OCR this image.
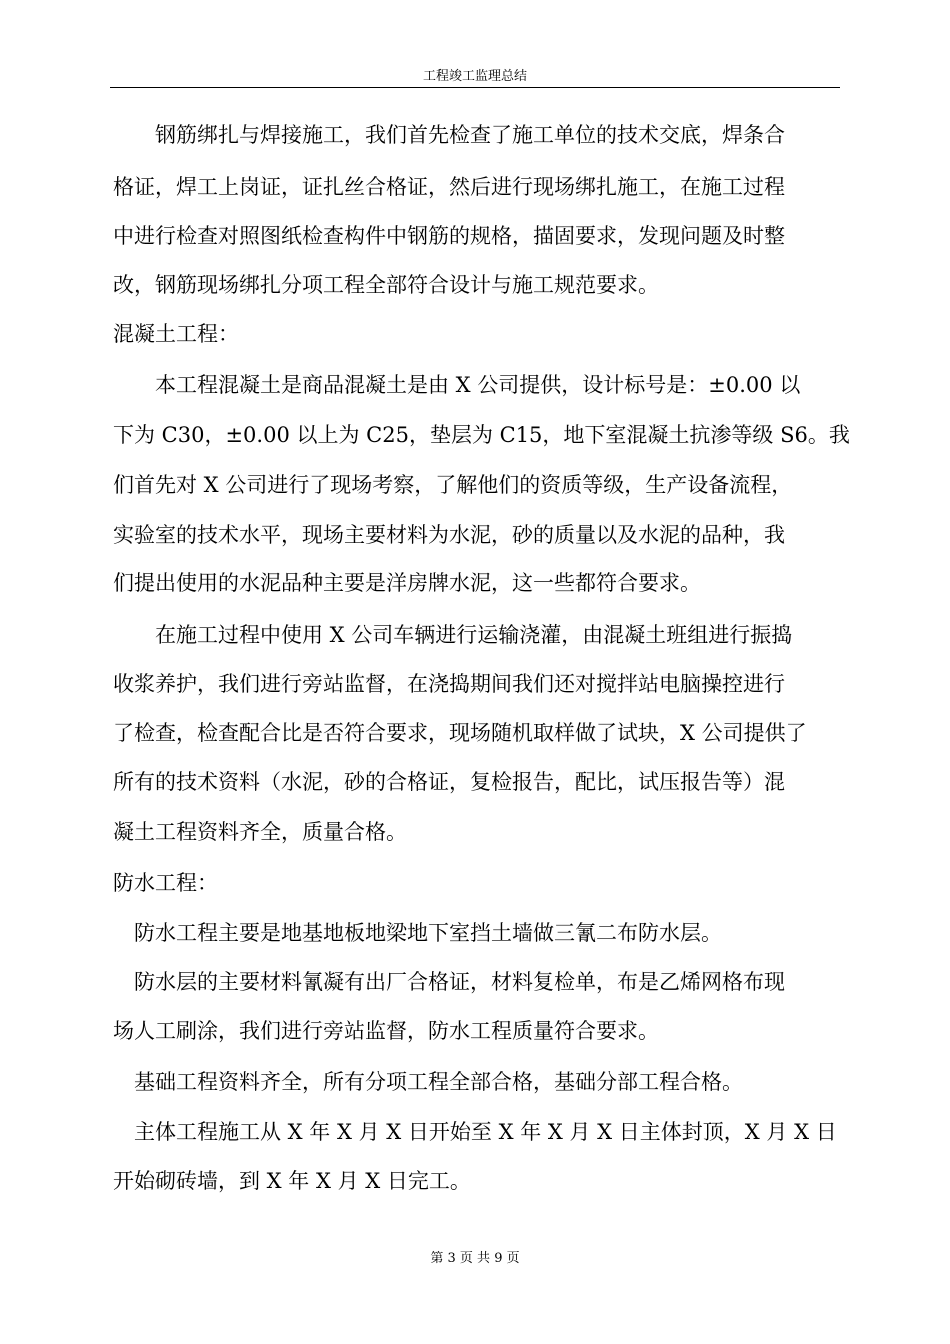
工程竣工监理总结
　　钢筋绑扎与焊接施工，我们首先检查了施工单位的技术交底，焊条合
格证，焊工上岗证，证扎丝合格证，然后进行现场绑扎施工，在施工过程
中进行检查对照图纸检查构件中钢筋的规格，描固要求，发现问题及时整
改，钢筋现场绑扎分项工程全部符合设计与施工规范要求。
混凝土工程：
　　本工程混凝土是商品混凝土是由 X 公司提供，设计标号是：±0.00 以
下为 C30，±0.00 以上为 C25，垫层为 C15，地下室混凝土抗渗等级 S6。我
们首先对 X 公司进行了现场考察，了解他们的资质等级，生产设备流程，
实验室的技术水平，现场主要材料为水泥，砂的质量以及水泥的品种，我
们提出使用的水泥品种主要是洋房牌水泥，这一些都符合要求。
　　在施工过程中使用 X 公司车辆进行运输浇灌，由混凝土班组进行振捣
收浆养护，我们进行旁站监督，在浇捣期间我们还对搅拌站电脑操控进行
了检查，检查配合比是否符合要求，现场随机取样做了试块，X 公司提供了
所有的技术资料（水泥，砂的合格证，复检报告，配比，试压报告等）混
凝土工程资料齐全，质量合格。
防水工程：
　防水工程主要是地基地板地梁地下室挡土墙做三氰二布防水层。
　防水层的主要材料氰凝有出厂合格证，材料复检单，布是乙烯网格布现
场人工刷涂，我们进行旁站监督，防水工程质量符合要求。
　基础工程资料齐全，所有分项工程全部合格，基础分部工程合格。
　主体工程施工从 X 年 X 月 X 日开始至 X 年 X 月 X 日主体封顶，X 月 X 日
开始砌砖墙，到 X 年 X 月 X 日完工。
第 3 页 共 9 页
